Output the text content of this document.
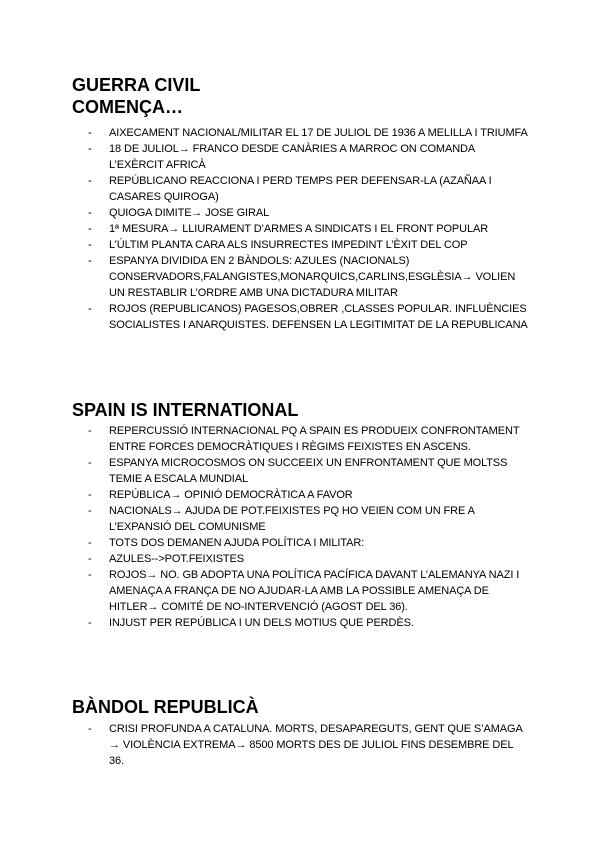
GUERRA CIVIL
COMENÇA…
- AIXECAMENT NACIONAL/MILITAR EL 17 DE JULIOL DE 1936 A MELILLA I TRIUMFA
- 18 DE JULIOL→ FRANCO DESDE CANÀRIES A MARROC ON COMANDA L’EXÈRCIT AFRICÀ
- REPÚBLICANO REACCIONA I PERD TEMPS PER DEFENSAR-LA (AZAÑAA I CASARES QUIROGA)
- QUIOGA DIMITE→ JOSE GIRAL
- 1ª MESURA→ LLIURAMENT D’ARMES A SINDICATS I EL FRONT POPULAR
- L’ÚLTIM PLANTA CARA ALS INSURRECTES IMPEDINT L’ÈXIT DEL COP
- ESPANYA DIVIDIDA EN 2 BÀNDOLS: AZULES (NACIONALS) CONSERVADORS,FALANGISTES,MONARQUICS,CARLINS,ESGLÈSIA→ VOLIEN UN RESTABLIR L’ORDRE AMB UNA DICTADURA MILITAR
- ROJOS (REPUBLICANOS) PAGESOS,OBRER ,CLASSES POPULAR. INFLUÈNCIES SOCIALISTES I ANARQUISTES. DEFENSEN LA LEGITIMITAT DE LA REPUBLICANA
SPAIN IS INTERNATIONAL
- REPERCUSSIÓ INTERNACIONAL PQ A SPAIN ES PRODUEIX CONFRONTAMENT ENTRE FORCES DEMOCRÀTIQUES I RÈGIMS FEIXISTES EN ASCENS.
- ESPANYA MICROCOSMOS ON SUCCEEIX UN ENFRONTAMENT QUE MOLTSS TEMIE A ESCALA MUNDIAL
- REPÚBLICA→ OPINIÓ DEMOCRÀTICA A FAVOR
- NACIONALS→ AJUDA DE POT.FEIXISTES PQ HO VEIEN COM UN FRE A L’EXPANSIÓ DEL COMUNISME
- TOTS DOS DEMANEN AJUDA POLÍTICA I MILITAR:
- AZULES-->POT.FEIXISTES
- ROJOS→ NO. GB ADOPTA UNA POLÍTICA PACÍFICA DAVANT L’ALEMANYA NAZI I AMENAÇA A FRANÇA DE NO AJUDAR-LA AMB LA POSSIBLE AMENAÇA DE HITLER→ COMITÉ DE NO-INTERVENCIÓ (AGOST DEL 36).
- INJUST PER REPÚBLICA I UN DELS MOTIUS QUE PERDÈS.
BÀNDOL REPUBLICÀ
- CRISI PROFUNDA A CATALUNA. MORTS, DESAPAREGUTS, GENT QUE S’AMAGA → VIOLÈNCIA EXTREMA→ 8500 MORTS DES DE JULIOL FINS DESEMBRE DEL 36.
